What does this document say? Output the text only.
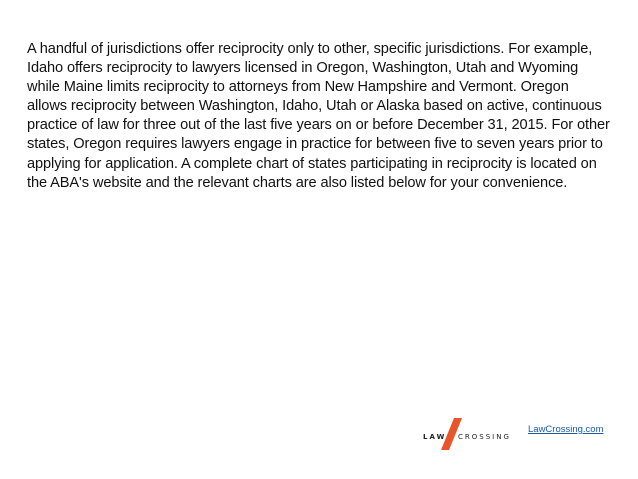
A handful of jurisdictions offer reciprocity only to other, specific jurisdictions. For example, Idaho offers reciprocity to lawyers licensed in Oregon, Washington, Utah and Wyoming while Maine limits reciprocity to attorneys from New Hampshire and Vermont. Oregon allows reciprocity between Washington, Idaho, Utah or Alaska based on active, continuous practice of law for three out of the last five years on or before December 31, 2015. For other states, Oregon requires lawyers engage in practice for between five to seven years prior to applying for application. A complete chart of states participating in reciprocity is located on the ABA's website and the relevant charts are also listed below for your convenience.

LAW CROSSING
LawCrossing.com
